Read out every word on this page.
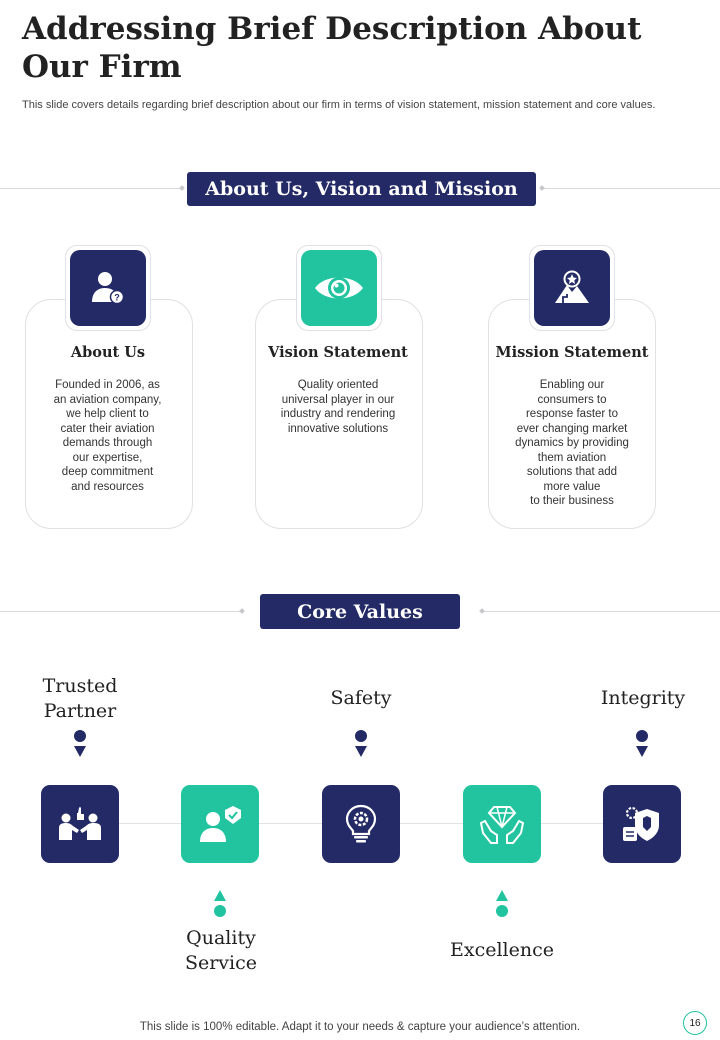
Addressing Brief Description About Our Firm
This slide covers details regarding brief description about our firm in terms of vision statement, mission statement and core values.
About Us, Vision and Mission
?
About Us
Founded in 2006, as
an aviation company,
we help client to
cater their aviation
demands through
our expertise,
deep commitment
and resources
Vision Statement
Quality oriented
universal player in our
industry and rendering
innovative solutions
Mission Statement
Enabling our
consumers to
response faster to
ever changing market
dynamics by providing
them aviation
solutions that add
more value
to their business
Core Values
Trusted
Partner
Safety	Integrity
Quality
Service
Excellence
This slide is 100% editable. Adapt it to your needs & capture your audience’s attention.	16
